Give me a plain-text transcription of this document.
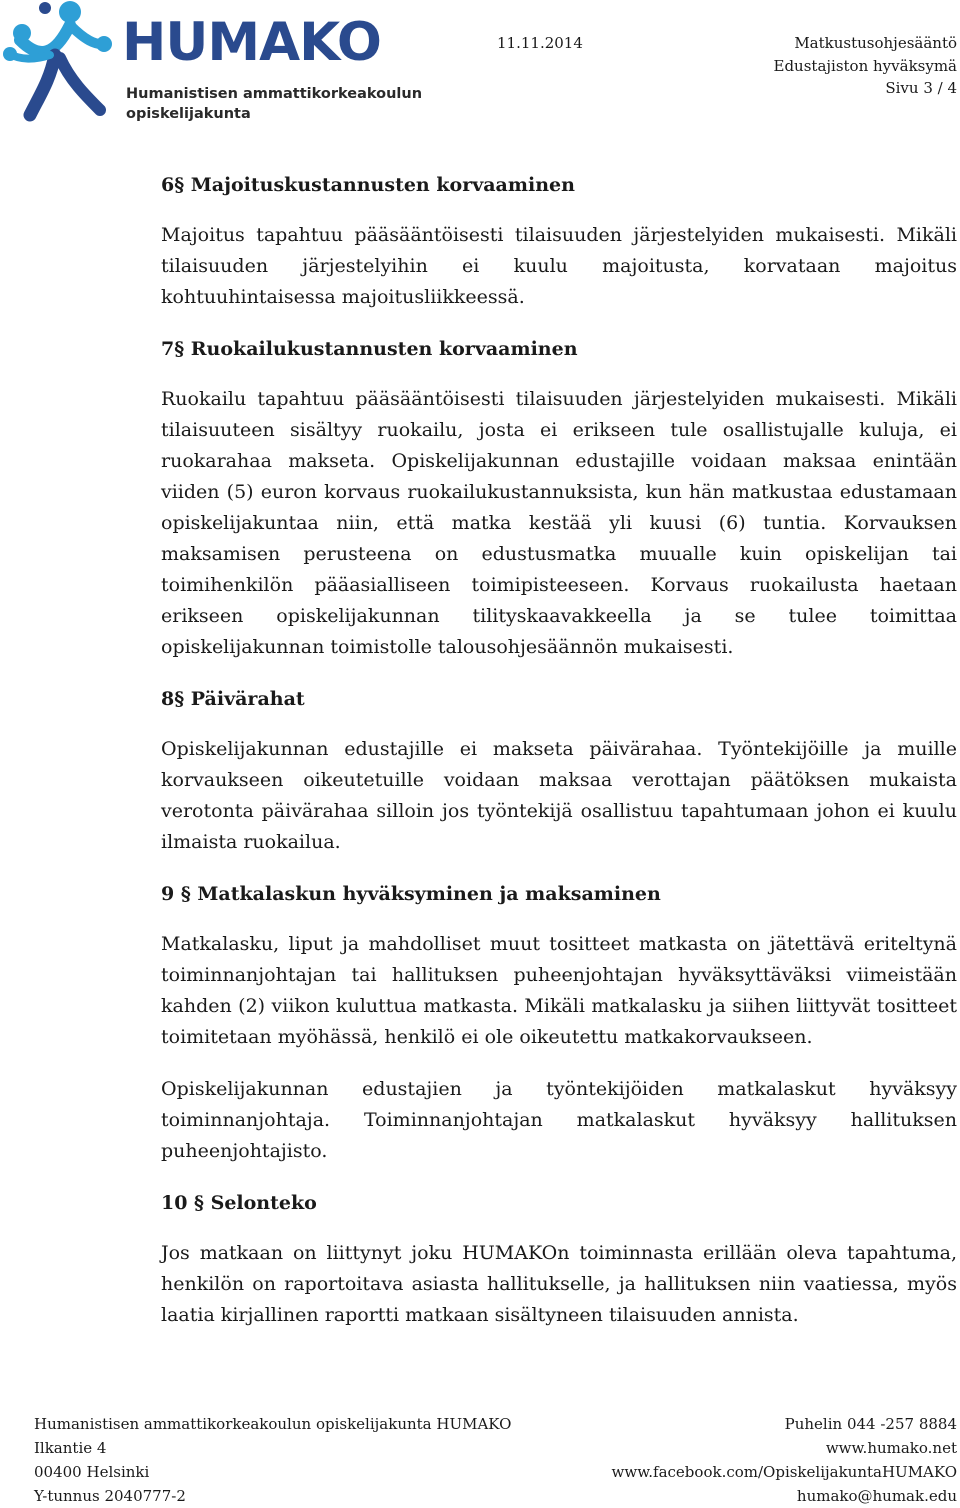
HUMAKO
Humanistisen ammattikorkeakoulun
opiskelijakunta
11.11.2014	Matkustusohjesääntö
Edustajiston hyväksymä
Sivu 3 / 4
6§ Majoituskustannusten korvaaminen

Majoitus tapahtuu pääsääntöisesti tilaisuuden järjestelyiden mukaisesti. Mikäli tilaisuuden järjestelyihin ei kuulu majoitusta, korvataan majoitus kohtuuhintaisessa majoitusliikkeessä.

7§ Ruokailukustannusten korvaaminen

Ruokailu tapahtuu pääsääntöisesti tilaisuuden järjestelyiden mukaisesti. Mikäli tilaisuuteen sisältyy ruokailu, josta ei erikseen tule osallistujalle kuluja, ei ruokarahaa makseta. Opiskelijakunnan edustajille voidaan maksaa enintään viiden (5) euron korvaus ruokailukustannuksista, kun hän matkustaa edustamaan opiskelijakuntaa niin, että matka kestää yli kuusi (6) tuntia. Korvauksen maksamisen perusteena on edustusmatka muualle kuin opiskelijan tai toimihenkilön pääasialliseen toimipisteeseen. Korvaus ruokailusta haetaan erikseen opiskelijakunnan tilityskaavakkeella ja se tulee toimittaa opiskelijakunnan toimistolle talousohjesäännön mukaisesti.

8§ Päivärahat

Opiskelijakunnan edustajille ei makseta päivärahaa. Työntekijöille ja muille korvaukseen oikeutetuille voidaan maksaa verottajan päätöksen mukaista verotonta päivärahaa silloin jos työntekijä osallistuu tapahtumaan johon ei kuulu ilmaista ruokailua.

9 § Matkalaskun hyväksyminen ja maksaminen

Matkalasku, liput ja mahdolliset muut tositteet matkasta on jätettävä eriteltynä toiminnanjohtajan tai hallituksen puheenjohtajan hyväksyttäväksi viimeistään kahden (2) viikon kuluttua matkasta. Mikäli matkalasku ja siihen liittyvät tositteet toimitetaan myöhässä, henkilö ei ole oikeutettu matkakorvaukseen.

Opiskelijakunnan edustajien ja työntekijöiden matkalaskut hyväksyy toiminnanjohtaja. Toiminnanjohtajan matkalaskut hyväksyy hallituksen puheenjohtajisto.

10 § Selonteko

Jos matkaan on liittynyt joku HUMAKOn toiminnasta erillään oleva tapahtuma, henkilön on raportoitava asiasta hallitukselle, ja hallituksen niin vaatiessa, myös laatia kirjallinen raportti matkaan sisältyneen tilaisuuden annista.

Humanistisen ammattikorkeakoulun opiskelijakunta HUMAKO
Ilkantie 4
00400 Helsinki
Y-tunnus 2040777-2
Puhelin 044 -257 8884
www.humako.net
www.facebook.com/OpiskelijakuntaHUMAKO
humako@humak.edu
